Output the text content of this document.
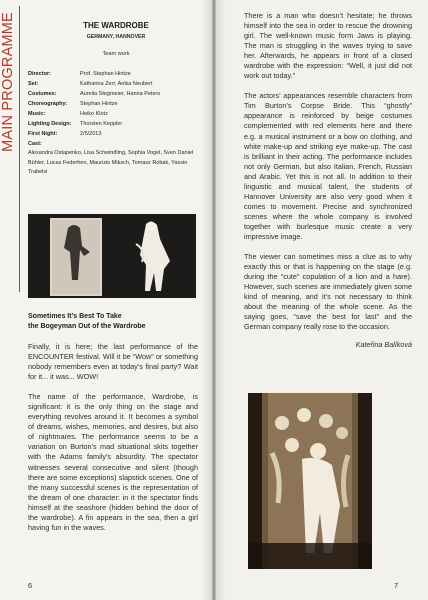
MAIN PROGRAMME	THE WARDROBE
GERMANY, HANNOVER
Team work
Director:	Prof. Stephan Hintze
Set:	Katharina Zerr, Anika Neubert
Costumes:	Aurelia Stegmeier, Hanna Peters
Choreography:	Stephan Hintze
Music:	Heiko Klotz
Lighting Design:	Thorsten Keppler
First Night:	2/5/2013
Cast:
Alexandra Ostapenko, Lisa Schwindling, Sophia Vogel, Sven Daniel Bühler, Lucas Federhen, Maurizio Miksch, Tomasz Robak, Yassin Trabelsi
Sometimes It’s Best To Take
the Bogeyman Out of the Wardrobe

Finally, it is here; the last performance of the ENCOUNTER festival. Will it be “Wow” or something nobody remembers even at today’s final party? Wait for it... it was... WOW!

The name of the performance, Wardrobe, is significant: it is the only thing on the stage and everything revolves around it. It becomes a symbol of dreams, wishes, memories, and desires, but also of nightmares. The performance seems to be a variation on Burton’s mad situational skits together with the Adams family’s absurdity. The spectator witnesses several consecutive and silent (though there are some exceptions) slapstick scenes. One of the many successful scenes is the representation of the dream of one character: in it the spectator finds himself at the seashore (hidden behind the door of the wardrobe). A fin appears in the sea, then a girl having fun in the waves.

6	7

There is a man who doesn’t hesitate; he throws himself into the sea in order to rescue the drowning girl. The well-known music form Jaws is playing. The man is struggling in the waves trying to save her. Afterwards, he appears in front of a closed wardrobe with the expression: “Well, it just did not work out today.”

The actors’ appearances resemble characters from Tim Burton’s Corpse Bride. This “ghostly” appearance is reinforced by beige costumes complemented with red elements here and there e.g. a musical instrument or a bow on clothing, and white make-up and striking eye make-up. The cast is brilliant in their acting. The performance includes not only German, but also Italian, French, Russian and Arabic. Yet this is not all. In addition to their linguistic and musical talent, the students of Hannover University are also very good when it comes to movement. Precise and synchronized scenes where the whole company is involved together with burlesque music create a very impressive image.

The viewer can sometimes miss a clue as to why exactly this or that is happening on the stage (e.g. during the “cute” copulation of a lion and a hare). However, such scenes are immediately given some kind of meaning, and it’s not necessary to think about the meaning of the whole scene. As the saying goes, “save the best for last” and the German company really rose to the occasion.

Kateřina Balíková
